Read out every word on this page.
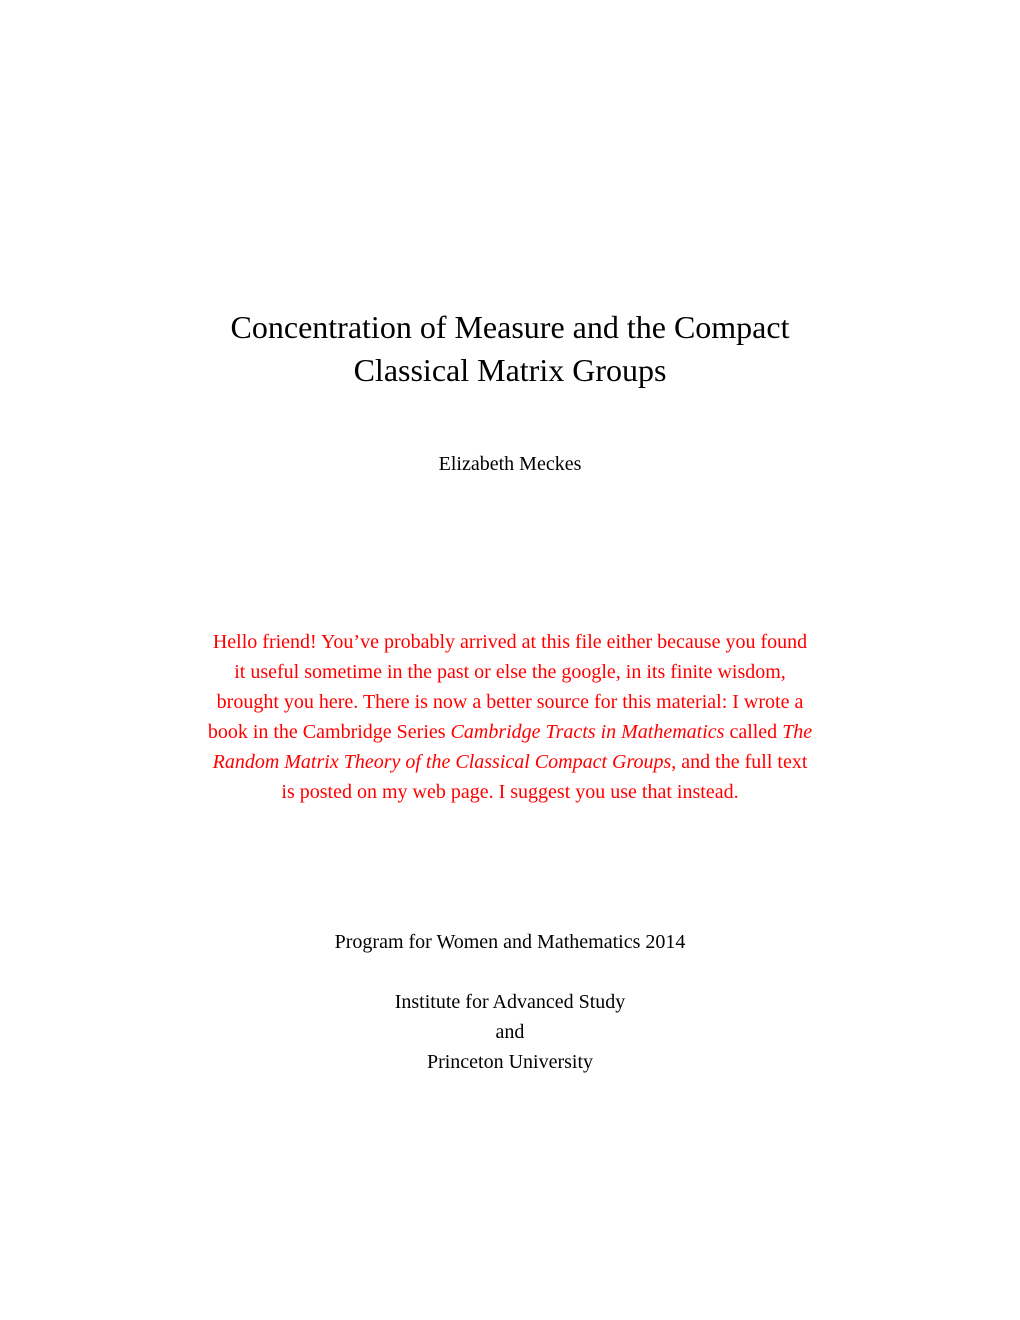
Concentration of Measure and the Compact
Classical Matrix Groups
Elizabeth Meckes
Hello friend! You’ve probably arrived at this file either because you found
it useful sometime in the past or else the google, in its finite wisdom,
brought you here. There is now a better source for this material: I wrote a
book in the Cambridge Series Cambridge Tracts in Mathematics called The
Random Matrix Theory of the Classical Compact Groups, and the full text
is posted on my web page. I suggest you use that instead.
Program for Women and Mathematics 2014
Institute for Advanced Study
and
Princeton University
